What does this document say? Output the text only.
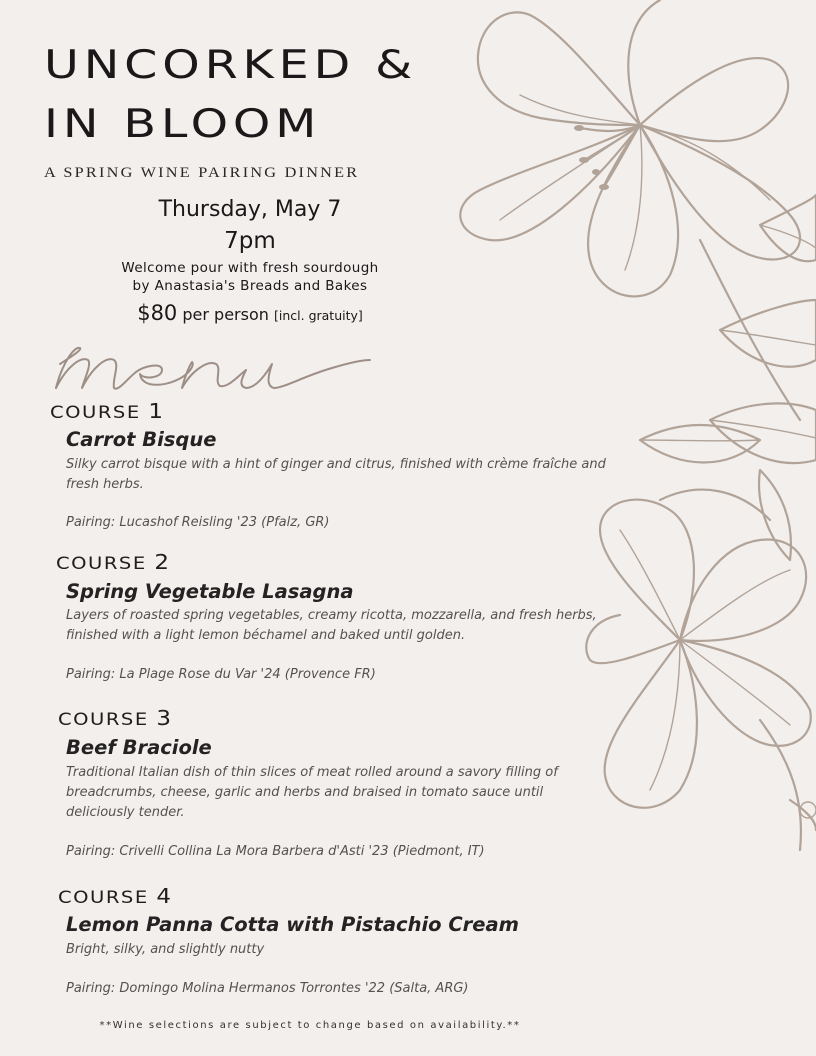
UNCORKED &
IN BLOOM
A SPRING WINE PAIRING DINNER
Thursday, May 7
7pm
Welcome pour with fresh sourdough
by Anastasia's Breads and Bakes
$80 per person [incl. gratuity]
COURSE 1
Carrot Bisque
Silky carrot bisque with a hint of ginger and citrus, finished with crème fraîche and fresh herbs.
Pairing: Lucashof Reisling '23 (Pfalz, GR)
COURSE 2
Spring Vegetable Lasagna
Layers of roasted spring vegetables, creamy ricotta, mozzarella, and fresh herbs, finished with a light lemon béchamel and baked until golden.
Pairing: La Plage Rose du Var '24 (Provence FR)
COURSE 3
Beef Braciole
Traditional Italian dish of thin slices of meat rolled around a savory filling of breadcrumbs, cheese, garlic and herbs and braised in tomato sauce until deliciously tender.
Pairing: Crivelli Collina La Mora Barbera d'Asti '23 (Piedmont, IT)
COURSE 4
Lemon Panna Cotta with Pistachio Cream
Bright, silky, and slightly nutty
Pairing: Domingo Molina Hermanos Torrontes '22 (Salta, ARG)
**Wine selections are subject to change based on availability.**
